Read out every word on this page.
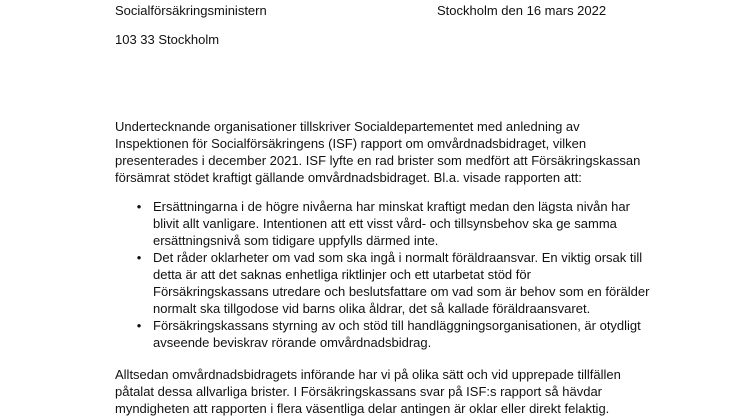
Socialförsäkringsministern	Stockholm den 16 mars 2022
103 33 Stockholm
Undertecknande organisationer tillskriver Socialdepartementet med anledning av
Inspektionen för Socialförsäkringens (ISF) rapport om omvårdnadsbidraget, vilken
presenterades i december 2021. ISF lyfte en rad brister som medfört att Försäkringskassan
försämrat stödet kraftigt gällande omvårdnadsbidraget. Bl.a. visade rapporten att:
• Ersättningarna i de högre nivåerna har minskat kraftigt medan den lägsta nivån har
blivit allt vanligare. Intentionen att ett visst vård- och tillsynsbehov ska ge samma
ersättningsnivå som tidigare uppfylls därmed inte.
• Det råder oklarheter om vad som ska ingå i normalt föräldraansvar. En viktig orsak till
detta är att det saknas enhetliga riktlinjer och ett utarbetat stöd för
Försäkringskassans utredare och beslutsfattare om vad som är behov som en förälder
normalt ska tillgodose vid barns olika åldrar, det så kallade föräldraansvaret.
• Försäkringskassans styrning av och stöd till handläggningsorganisationen, är otydligt
avseende beviskrav rörande omvårdnadsbidrag.
Alltsedan omvårdnadsbidragets införande har vi på olika sätt och vid upprepade tillfällen
påtalat dessa allvarliga brister. I Försäkringskassans svar på ISF:s rapport så hävdar
myndigheten att rapporten i flera väsentliga delar antingen är oklar eller direkt felaktig.
